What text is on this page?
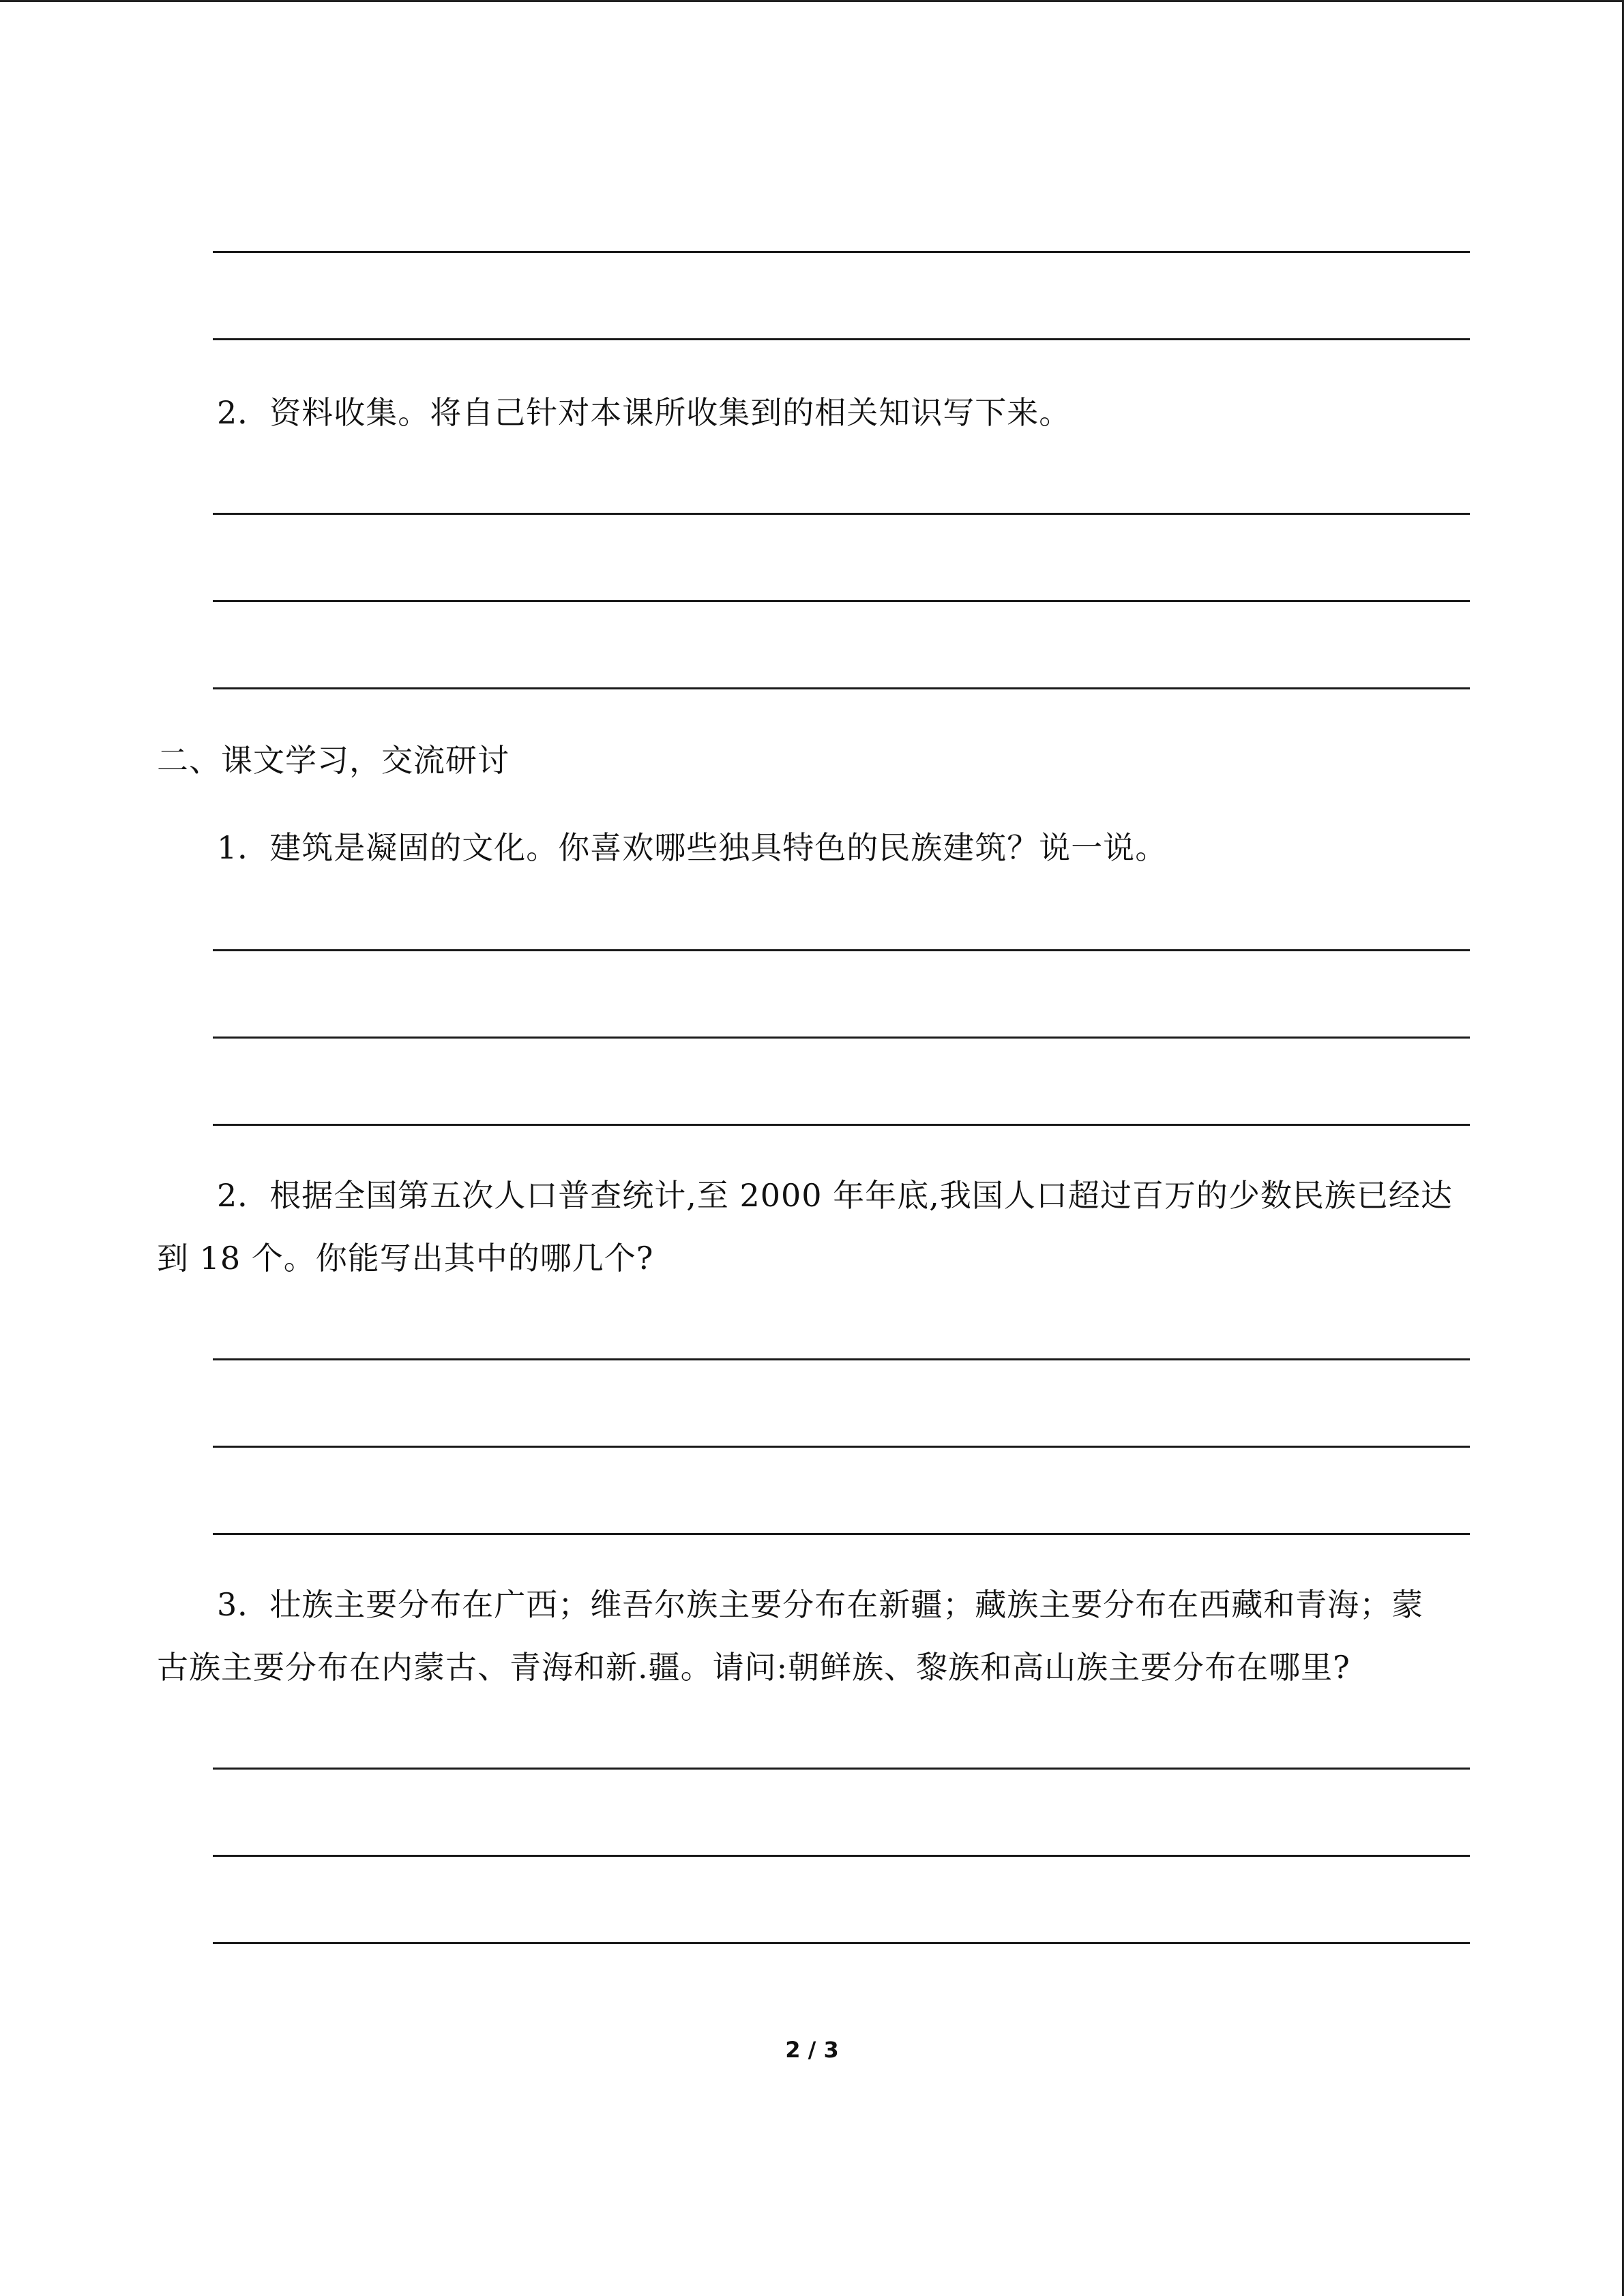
2．资料收集。将自己针对本课所收集到的相关知识写下来。
二、课文学习，交流研讨
1．建筑是凝固的文化。你喜欢哪些独具特色的民族建筑？说一说。
2．根据全国第五次人口普查统计,至 2000 年年底,我国人口超过百万的少数民族已经达
到 18 个。你能写出其中的哪几个?
3．壮族主要分布在广西；维吾尔族主要分布在新疆；藏族主要分布在西藏和青海；蒙
古族主要分布在内蒙古、青海和新.疆。请问:朝鲜族、黎族和高山族主要分布在哪里?
2 / 3
